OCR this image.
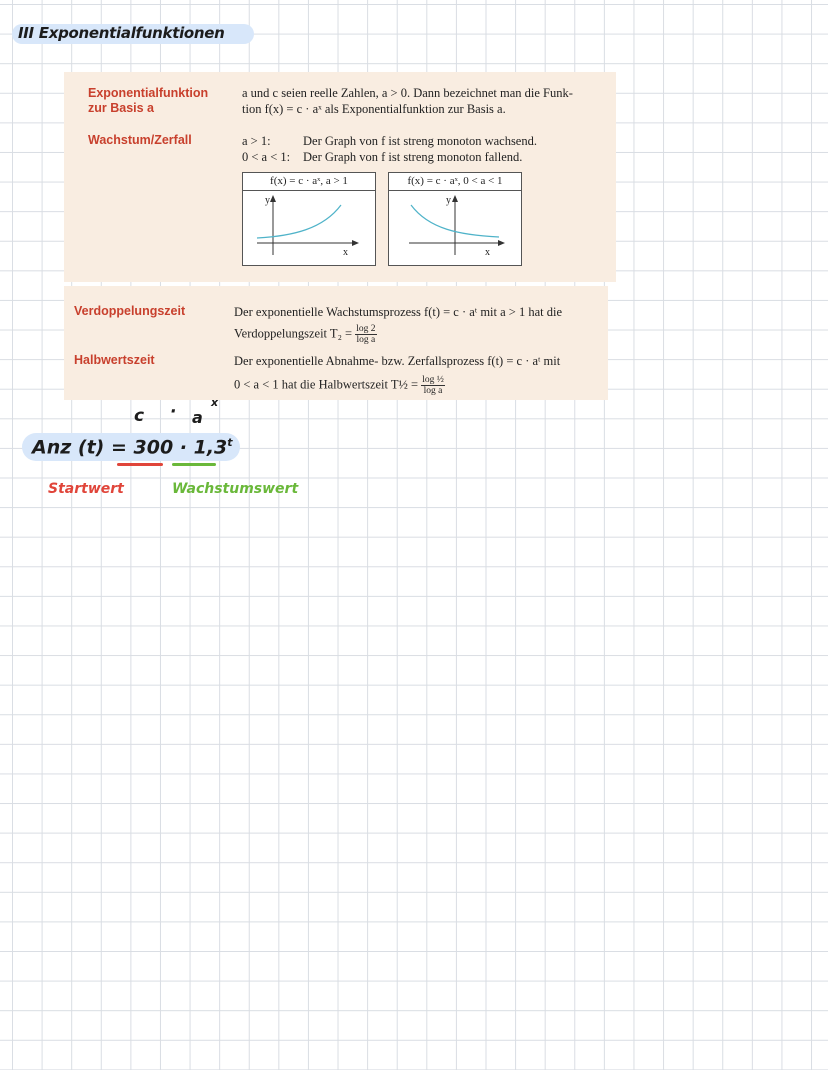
III Exponentialfunktionen
Exponentialfunktion zur Basis a
a und c seien reelle Zahlen, a > 0. Dann bezeichnet man die Funk-
tion f(x) = c · aˣ als Exponentialfunktion zur Basis a.
Wachstum/Zerfall	a > 1:	Der Graph von f ist streng monoton wachsend.
0 < a < 1: Der Graph von f ist streng monoton fallend.
f(x) = c · aˣ, a > 1
y
x
f(x) = c · aˣ, 0 < a < 1
y
x
Verdoppelungszeit	Der exponentielle Wachstumsprozess f(t) = c · aᵗ mit a > 1 hat die
Verdoppelungszeit $T_2 = \frac{\log 2}{\text{log a}}$
Halbwertszeit	Der exponentielle Abnahme- bzw. Zerfallsprozess f(t) = c · aᵗ mit
0 < a < 1 hat die Halbwertszeit T½ = $\frac{\text{log ½}}{\text{log a}}$
c · a
x
Anz $(t) = 300 \cdot 1,3^t$
Startwert	Wachstumswert
